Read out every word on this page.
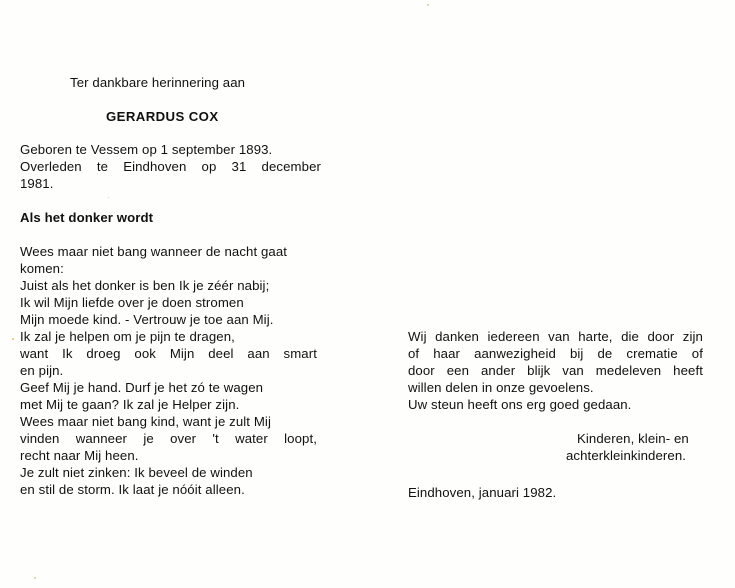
Ter dankbare herinnering aan
GERARDUS COX
Geboren te Vessem op 1 september 1893.
Overleden te Eindhoven op 31 december
1981.
Als het donker wordt
Wees maar niet bang wanneer de nacht gaat
komen:
Juist als het donker is ben Ik je zéér nabij;
Ik wil Mijn liefde over je doen stromen
Mijn moede kind. - Vertrouw je toe aan Mij.
Ik zal je helpen om je pijn te dragen,
want Ik droeg ook Mijn deel aan smart
en pijn.
Geef Mij je hand. Durf je het zó te wagen
met Mij te gaan? Ik zal je Helper zijn.
Wees maar niet bang kind, want je zult Mij
vinden wanneer je over 't water loopt,
recht naar Mij heen.
Je zult niet zinken: Ik beveel de winden
en stil de storm. Ik laat je nóóit alleen.
Wij danken iedereen van harte, die door zijn
of haar aanwezigheid bij de crematie of
door een ander blijk van medeleven heeft
willen delen in onze gevoelens.
Uw steun heeft ons erg goed gedaan.
Kinderen, klein- en
achterkleinkinderen.
Eindhoven, januari 1982.
